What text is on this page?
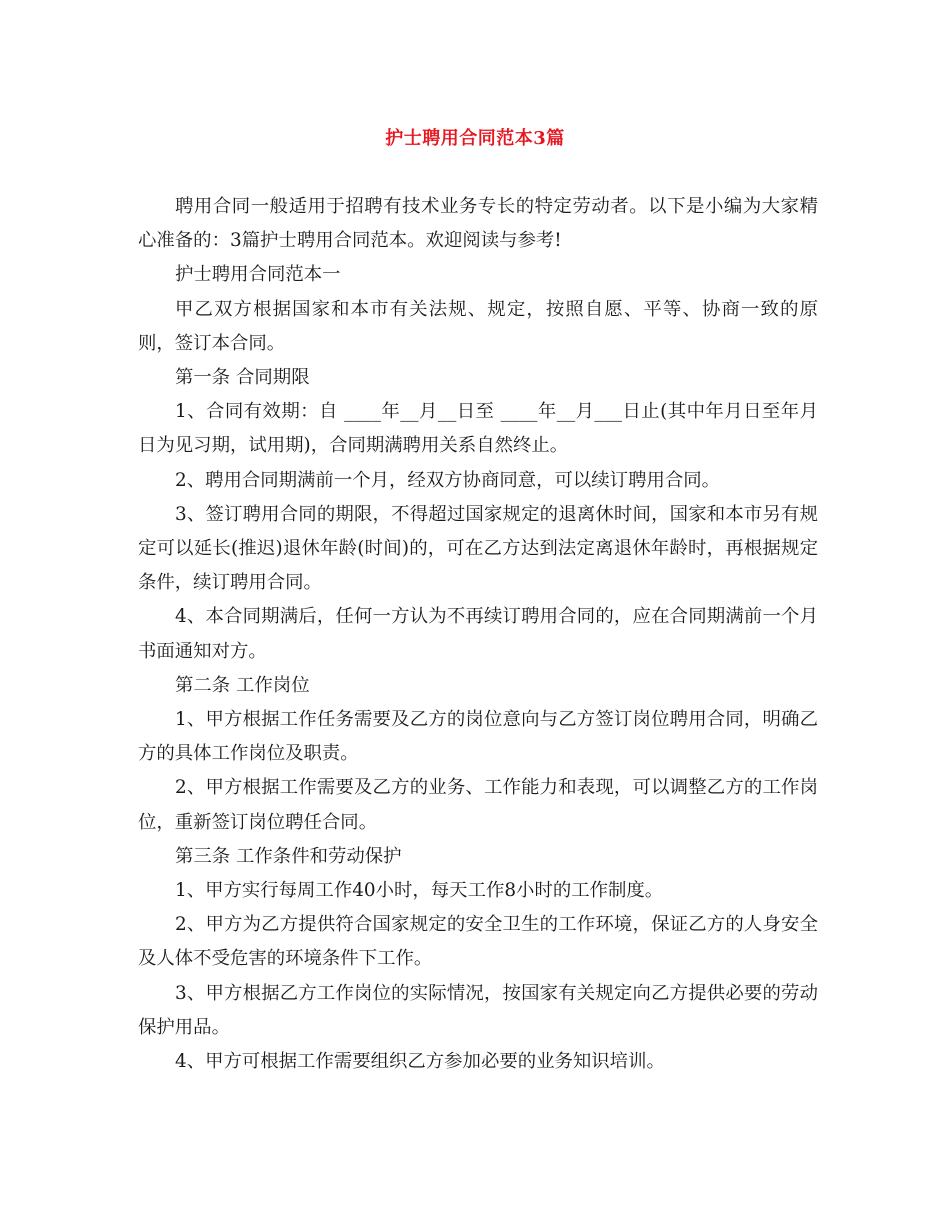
护士聘用合同范本3篇

聘用合同一般适用于招聘有技术业务专长的特定劳动者。以下是小编为大家精心准备的：3篇护士聘用合同范本。欢迎阅读与参考!

护士聘用合同范本一

甲乙双方根据国家和本市有关法规、规定，按照自愿、平等、协商一致的原则，签订本合同。

第一条 合同期限

1、合同有效期：自 ____年__月__日至 ____年__月___日止(其中年月日至年月日为见习期，试用期)，合同期满聘用关系自然终止。

2、聘用合同期满前一个月，经双方协商同意，可以续订聘用合同。

3、签订聘用合同的期限，不得超过国家规定的退离休时间，国家和本市另有规定可以延长(推迟)退休年龄(时间)的，可在乙方达到法定离退休年龄时，再根据规定条件，续订聘用合同。

4、本合同期满后，任何一方认为不再续订聘用合同的，应在合同期满前一个月书面通知对方。

第二条 工作岗位

1、甲方根据工作任务需要及乙方的岗位意向与乙方签订岗位聘用合同，明确乙方的具体工作岗位及职责。

2、甲方根据工作需要及乙方的业务、工作能力和表现，可以调整乙方的工作岗位，重新签订岗位聘任合同。

第三条 工作条件和劳动保护

1、甲方实行每周工作40小时，每天工作8小时的工作制度。

2、甲方为乙方提供符合国家规定的安全卫生的工作环境，保证乙方的人身安全及人体不受危害的环境条件下工作。

3、甲方根据乙方工作岗位的实际情况，按国家有关规定向乙方提供必要的劳动保护用品。

4、甲方可根据工作需要组织乙方参加必要的业务知识培训。
